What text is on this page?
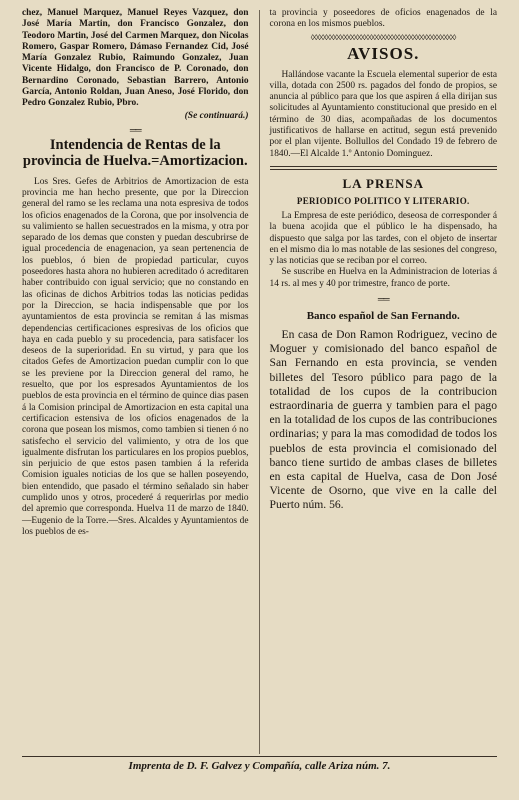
chez, Manuel Marquez, Manuel Reyes Vazquez, don José María Martin, don Francisco Gonzalez, don Teodoro Martin, José del Carmen Marquez, don Nicolas Romero, Gaspar Romero, Dámaso Fernandez Cid, José María Gonzalez Rubio, Raimundo Gonzalez, Juan Vicente Hidalgo, don Francisco de P. Coronado, don Bernardino Coronado, Sebastian Barrero, Antonio García, Antonio Roldan, Juan Aneso, José Florido, don Pedro Gonzalez Rubio, Pbro.

(Se continuará.)

══
Intendencia de Rentas de la provincia de Huelva.=Amortizacion.

Los Sres. Gefes de Arbitrios de Amortizacion de esta provincia me han hecho presente, que por la Direccion general del ramo se les reclama una nota espresiva de todos los oficios enagenados de la Corona, que por insolvencia de su valimiento se hallen secuestrados en la misma, y otra por separado de los demas que consten y puedan descubrirse de igual procedencia de enagenacion, ya sean pertenencia de los pueblos, ó bien de propiedad particular, cuyos poseedores hasta ahora no hubieren acreditado ó acreditaren haber contribuido con igual servicio; que no constando en las oficinas de dichos Arbitrios todas las noticias pedidas por la Direccion, se hacia indispensable que por los ayuntamientos de esta provincia se remitan á las mismas dependencias certificaciones espresivas de los oficios que haya en cada pueblo y su procedencia, para satisfacer los deseos de la superioridad. En su virtud, y para que los citados Gefes de Amortizacion puedan cumplir con lo que se les previene por la Direccion general del ramo, he resuelto, que por los espresados Ayuntamientos de los pueblos de esta provincia en el término de quince dias pasen á la Comision principal de Amortizacion en esta capital una certificacion estensiva de los oficios enagenados de la corona que posean los mismos, como tambien si tienen ó no satisfecho el servicio del valimiento, y otra de los que igualmente disfrutan los particulares en los propios pueblos, sin perjuicio de que estos pasen tambien á la referida Comision iguales noticias de los que se hallen poseyendo, bien entendido, que pasado el término señalado sin haber cumplido unos y otros, procederé á requerirlas por medio del apremio que corresponda. Huelva 11 de marzo de 1840.—Eugenio de la Torre.—Sres. Alcaldes y Ayuntamientos de los pueblos de es-

ta provincia y poseedores de oficios enagenados de la corona en los mismos pueblos.

◊◊◊◊◊◊◊◊◊◊◊◊◊◊◊◊◊◊◊◊◊◊◊◊◊◊◊◊◊◊◊◊◊◊◊◊◊◊◊◊◊◊
AVISOS.

Hallándose vacante la Escuela elemental superior de esta villa, dotada con 2500 rs. pagados del fondo de propios, se anuncia al público para que los que aspiren á ella dirijan sus solicitudes al Ayuntamiento constitucional que presido en el término de 30 dias, acompañadas de los documentos justificativos de hallarse en actitud, segun está prevenido por el plan vijente. Bollullos del Condado 19 de febrero de 1840.—El Alcalde 1.º Antonio Dominguez.

LA PRENSA
PERIODICO POLITICO Y LITERARIO.

La Empresa de este periódico, deseosa de corresponder á la buena acojida que el público le ha dispensado, ha dispuesto que salga por las tardes, con el objeto de insertar en el mismo dia lo mas notable de las sesiones del congreso, y las noticias que se reciban por el correo.

Se suscribe en Huelva en la Administracion de loterias á 14 rs. al mes y 40 por trimestre, franco de porte.

══
Banco español de San Fernando.

En casa de Don Ramon Rodriguez, vecino de Moguer y comisionado del banco español de San Fernando en esta provincia, se venden billetes del Tesoro público para pago de la totalidad de los cupos de la contribucion estraordinaria de guerra y tambien para el pago en la totalidad de los cupos de las contribuciones ordinarias; y para la mas comodidad de todos los pueblos de esta provincia el comisionado del banco tiene surtido de ambas clases de billetes en esta capital de Huelva, casa de Don José Vicente de Osorno, que vive en la calle del Puerto núm. 56.

Imprenta de D. F. Galvez y Compañía, calle Ariza núm. 7.
